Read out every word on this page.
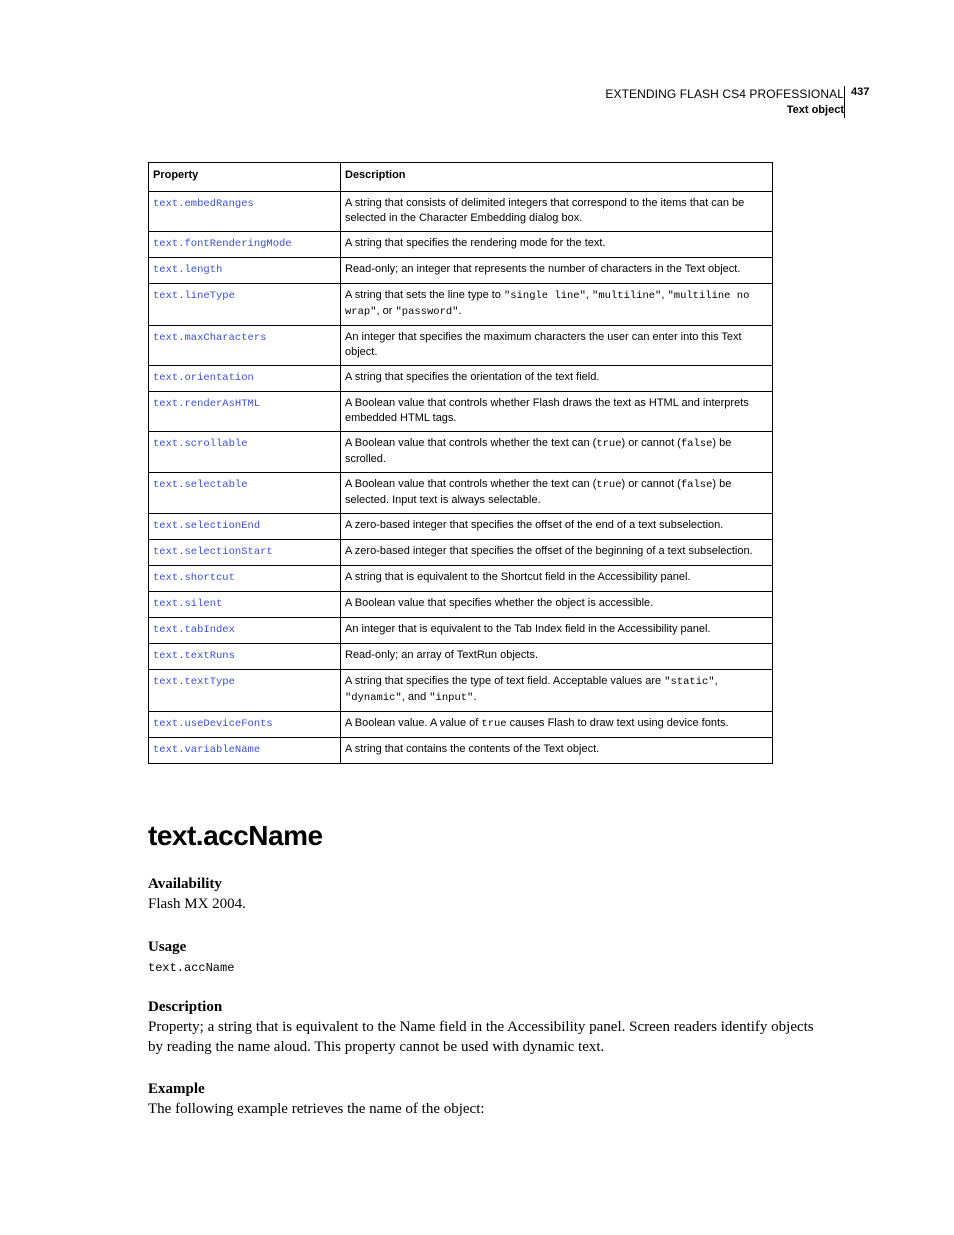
EXTENDING FLASH CS4 PROFESSIONAL
Text object
437
Property	Description
text.embedRanges	A string that consists of delimited integers that correspond to the items that can be selected in the Character Embedding dialog box.
text.fontRenderingMode	A string that specifies the rendering mode for the text.
text.length	Read-only; an integer that represents the number of characters in the Text object.
text.lineType	A string that sets the line type to "single line", "multiline", "multiline no wrap", or "password".
text.maxCharacters	An integer that specifies the maximum characters the user can enter into this Text object.
text.orientation	A string that specifies the orientation of the text field.
text.renderAsHTML	A Boolean value that controls whether Flash draws the text as HTML and interprets embedded HTML tags.
text.scrollable	A Boolean value that controls whether the text can (true) or cannot (false) be scrolled.
text.selectable	A Boolean value that controls whether the text can (true) or cannot (false) be selected. Input text is always selectable.
text.selectionEnd	A zero-based integer that specifies the offset of the end of a text subselection.
text.selectionStart	A zero-based integer that specifies the offset of the beginning of a text subselection.
text.shortcut	A string that is equivalent to the Shortcut field in the Accessibility panel.
text.silent	A Boolean value that specifies whether the object is accessible.
text.tabIndex	An integer that is equivalent to the Tab Index field in the Accessibility panel.
text.textRuns	Read-only; an array of TextRun objects.
text.textType	A string that specifies the type of text field. Acceptable values are "static", "dynamic", and "input".
text.useDeviceFonts	A Boolean value. A value of true causes Flash to draw text using device fonts.
text.variableName	A string that contains the contents of the Text object.
text.accName
Availability

Flash MX 2004.

Usage
text.accName
Description

Property; a string that is equivalent to the Name field in the Accessibility panel. Screen readers identify objects by reading the name aloud. This property cannot be used with dynamic text.

Example

The following example retrieves the name of the object:
